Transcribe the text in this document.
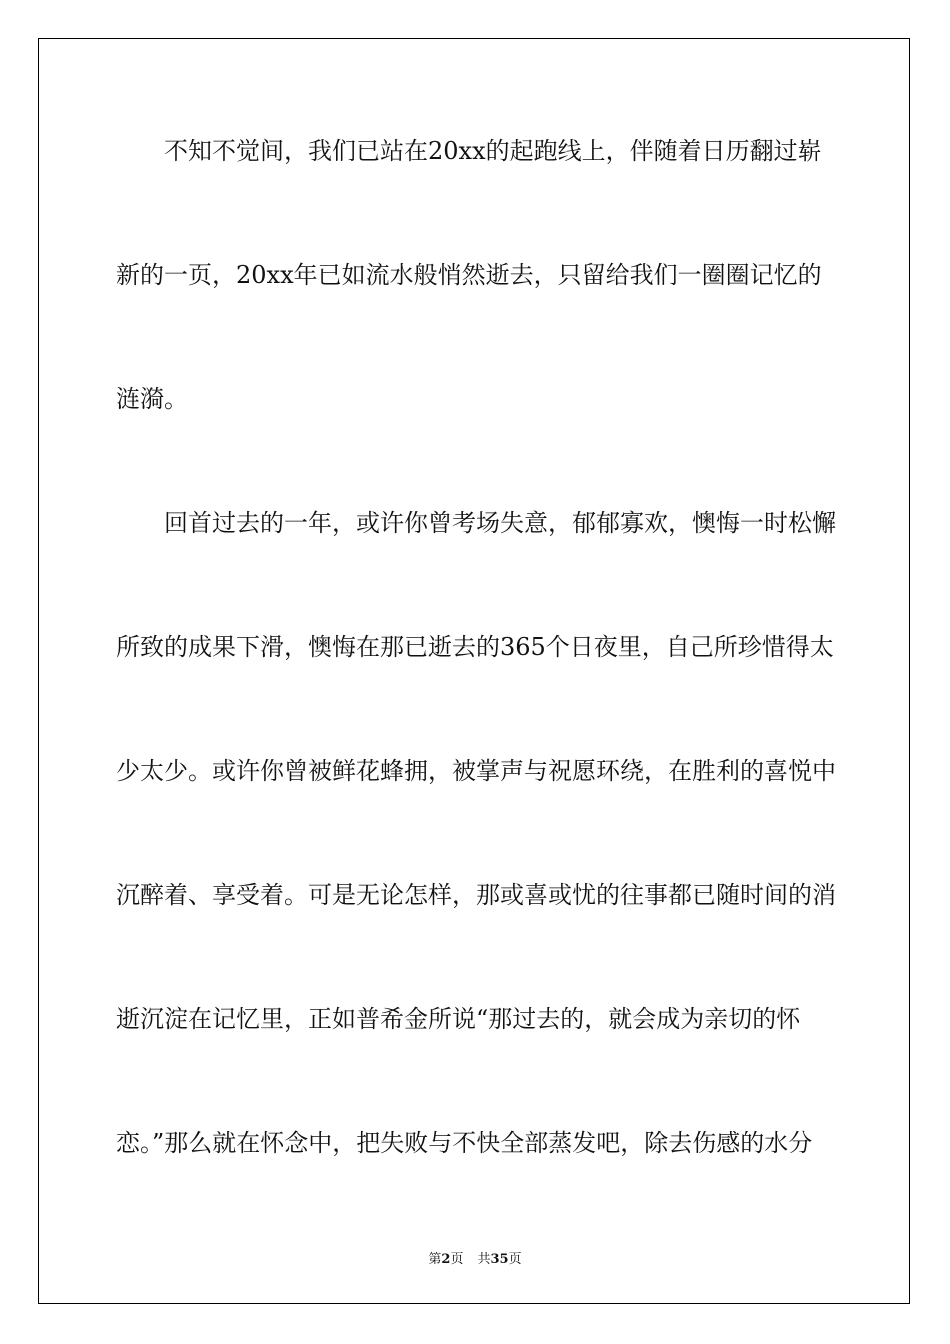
不知不觉间，我们已站在20xx的起跑线上，伴随着日历翻过崭
新的一页，20xx年已如流水般悄然逝去，只留给我们一圈圈记忆的
涟漪。
回首过去的一年，或许你曾考场失意，郁郁寡欢，懊悔一时松懈
所致的成果下滑，懊悔在那已逝去的365个日夜里，自己所珍惜得太
少太少。或许你曾被鲜花蜂拥，被掌声与祝愿环绕，在胜利的喜悦中
沉醉着、享受着。可是无论怎样，那或喜或忧的往事都已随时间的消
逝沉淀在记忆里，正如普希金所说“那过去的，就会成为亲切的怀
恋。”那么就在怀念中，把失败与不快全部蒸发吧，除去伤感的水分
第2页 共35页
